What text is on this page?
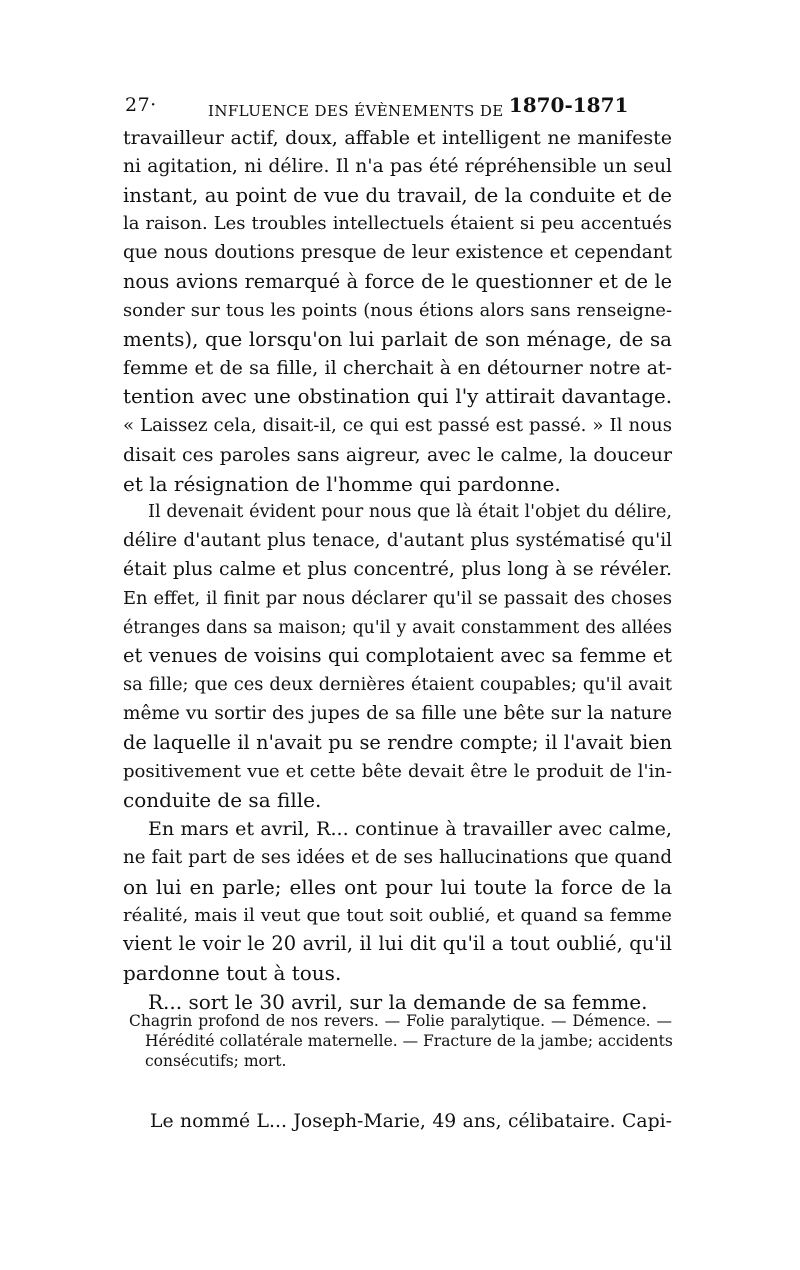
27·	INFLUENCE DES ÉVÈNEMENTS DE 1870-1871

travailleur actif, doux, affable et intelligent ne manifeste
ni agitation, ni délire. Il n'a pas été répréhensible un seul
instant, au point de vue du travail, de la conduite et de
la raison. Les troubles intellectuels étaient si peu accentués
que nous doutions presque de leur existence et cependant
nous avions remarqué à force de le questionner et de le
sonder sur tous les points (nous étions alors sans renseigne-
ments), que lorsqu'on lui parlait de son ménage, de sa
femme et de sa fille, il cherchait à en détourner notre at-
tention avec une obstination qui l'y attirait davantage.
« Laissez cela, disait-il, ce qui est passé est passé. » Il nous
disait ces paroles sans aigreur, avec le calme, la douceur
et la résignation de l'homme qui pardonne.

Il devenait évident pour nous que là était l'objet du délire,
délire d'autant plus tenace, d'autant plus systématisé qu'il
était plus calme et plus concentré, plus long à se révéler.
En effet, il finit par nous déclarer qu'il se passait des choses
étranges dans sa maison; qu'il y avait constamment des allées
et venues de voisins qui complotaient avec sa femme et
sa fille; que ces deux dernières étaient coupables; qu'il avait
même vu sortir des jupes de sa fille une bête sur la nature
de laquelle il n'avait pu se rendre compte; il l'avait bien
positivement vue et cette bête devait être le produit de l'in-
conduite de sa fille.

En mars et avril, R... continue à travailler avec calme,
ne fait part de ses idées et de ses hallucinations que quand
on lui en parle; elles ont pour lui toute la force de la
réalité, mais il veut que tout soit oublié, et quand sa femme
vient le voir le 20 avril, il lui dit qu'il a tout oublié, qu'il
pardonne tout à tous.

R... sort le 30 avril, sur la demande de sa femme.

Chagrin profond de nos revers. — Folie paralytique. — Démence. —
Hérédité collatérale maternelle. — Fracture de la jambe; accidents
consécutifs; mort.
Le nommé L... Joseph-Marie, 49 ans, célibataire. Capi-
